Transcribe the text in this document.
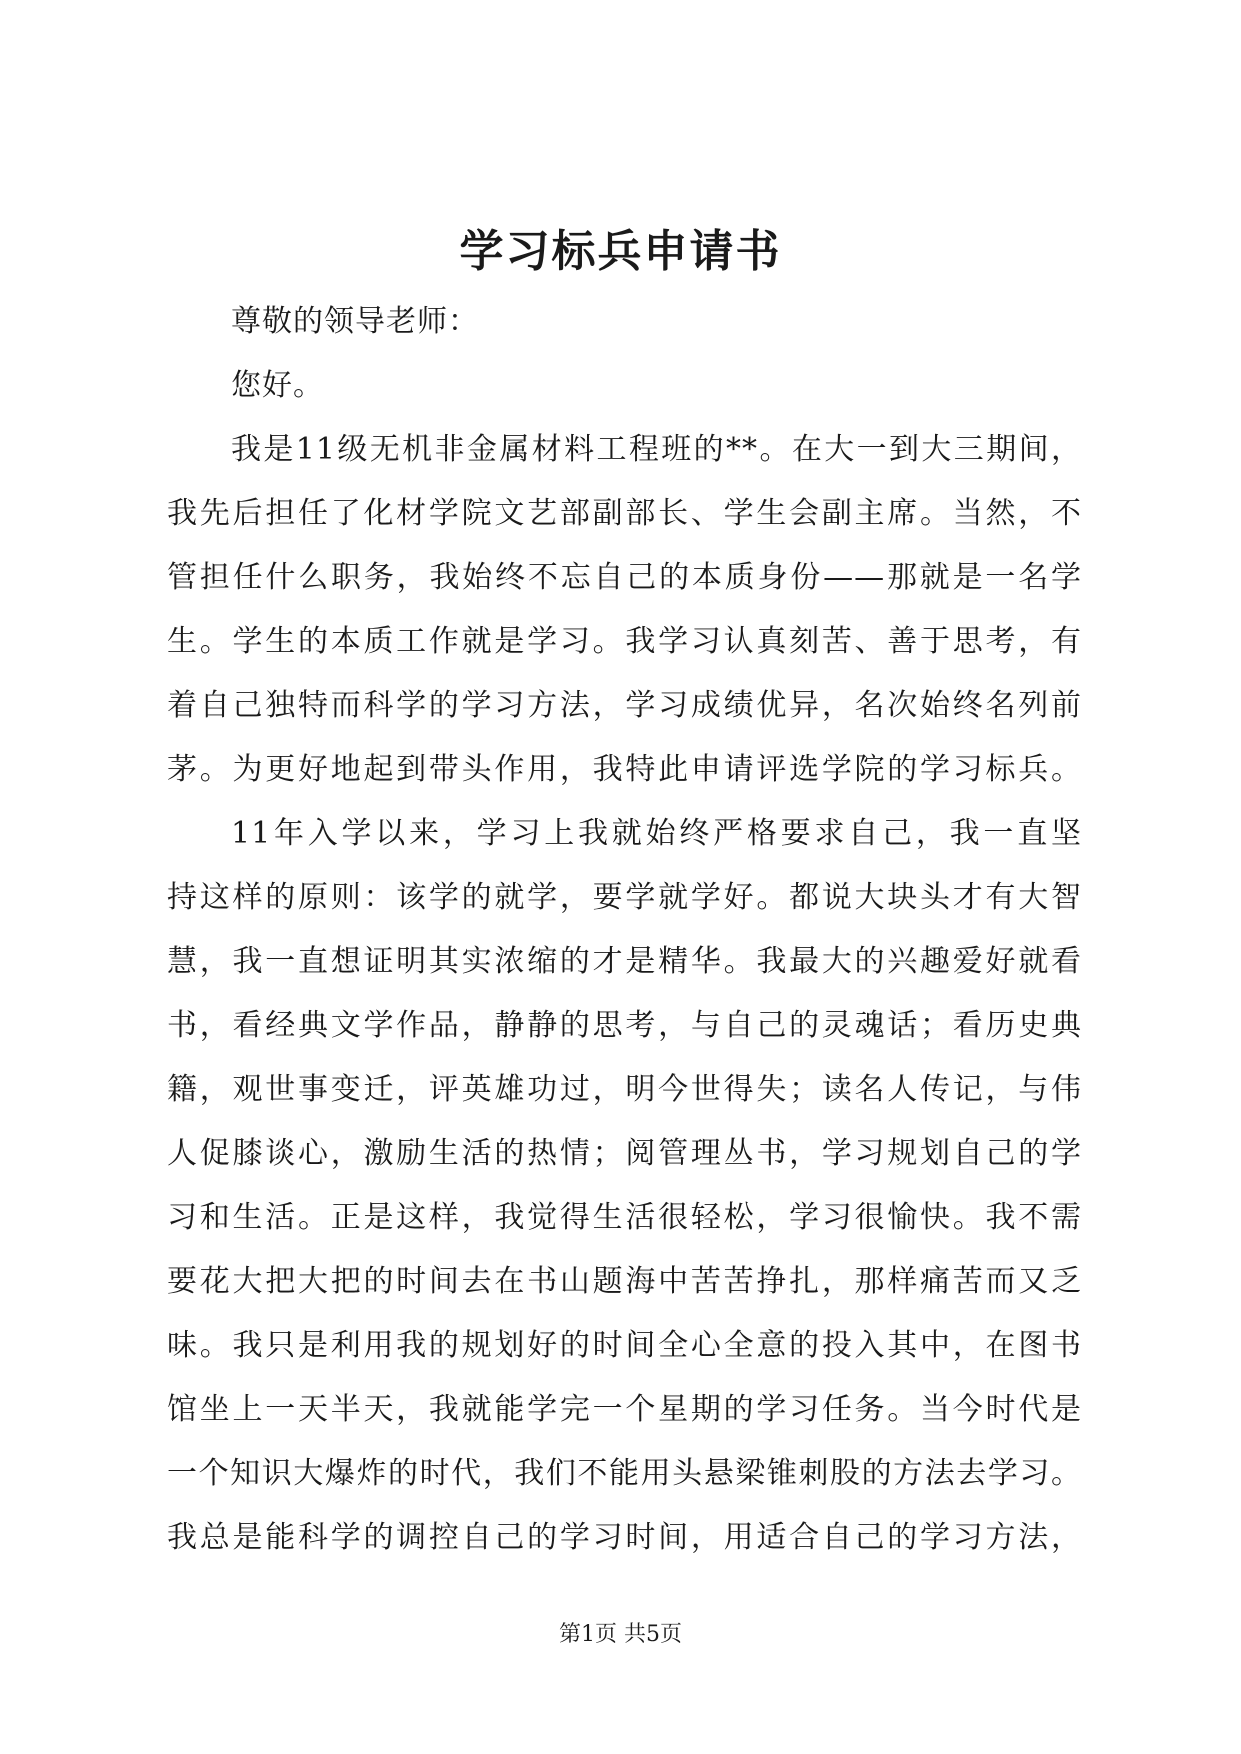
学习标兵申请书
尊敬的领导老师：
您好。
我是11级无机非金属材料工程班的**。在大一到大三期间，
我先后担任了化材学院文艺部副部长、学生会副主席。当然，不
管担任什么职务，我始终不忘自己的本质身份——那就是一名学
生。学生的本质工作就是学习。我学习认真刻苦、善于思考，有
着自己独特而科学的学习方法，学习成绩优异，名次始终名列前
茅。为更好地起到带头作用，我特此申请评选学院的学习标兵。
11年入学以来，学习上我就始终严格要求自己，我一直坚
持这样的原则：该学的就学，要学就学好。都说大块头才有大智
慧，我一直想证明其实浓缩的才是精华。我最大的兴趣爱好就看
书，看经典文学作品，静静的思考，与自己的灵魂话；看历史典
籍，观世事变迁，评英雄功过，明今世得失；读名人传记，与伟
人促膝谈心，激励生活的热情；阅管理丛书，学习规划自己的学
习和生活。正是这样，我觉得生活很轻松，学习很愉快。我不需
要花大把大把的时间去在书山题海中苦苦挣扎，那样痛苦而又乏
味。我只是利用我的规划好的时间全心全意的投入其中，在图书
馆坐上一天半天，我就能学完一个星期的学习任务。当今时代是
一个知识大爆炸的时代，我们不能用头悬梁锥刺股的方法去学习。
我总是能科学的调控自己的学习时间，用适合自己的学习方法，
第1页 共5页
